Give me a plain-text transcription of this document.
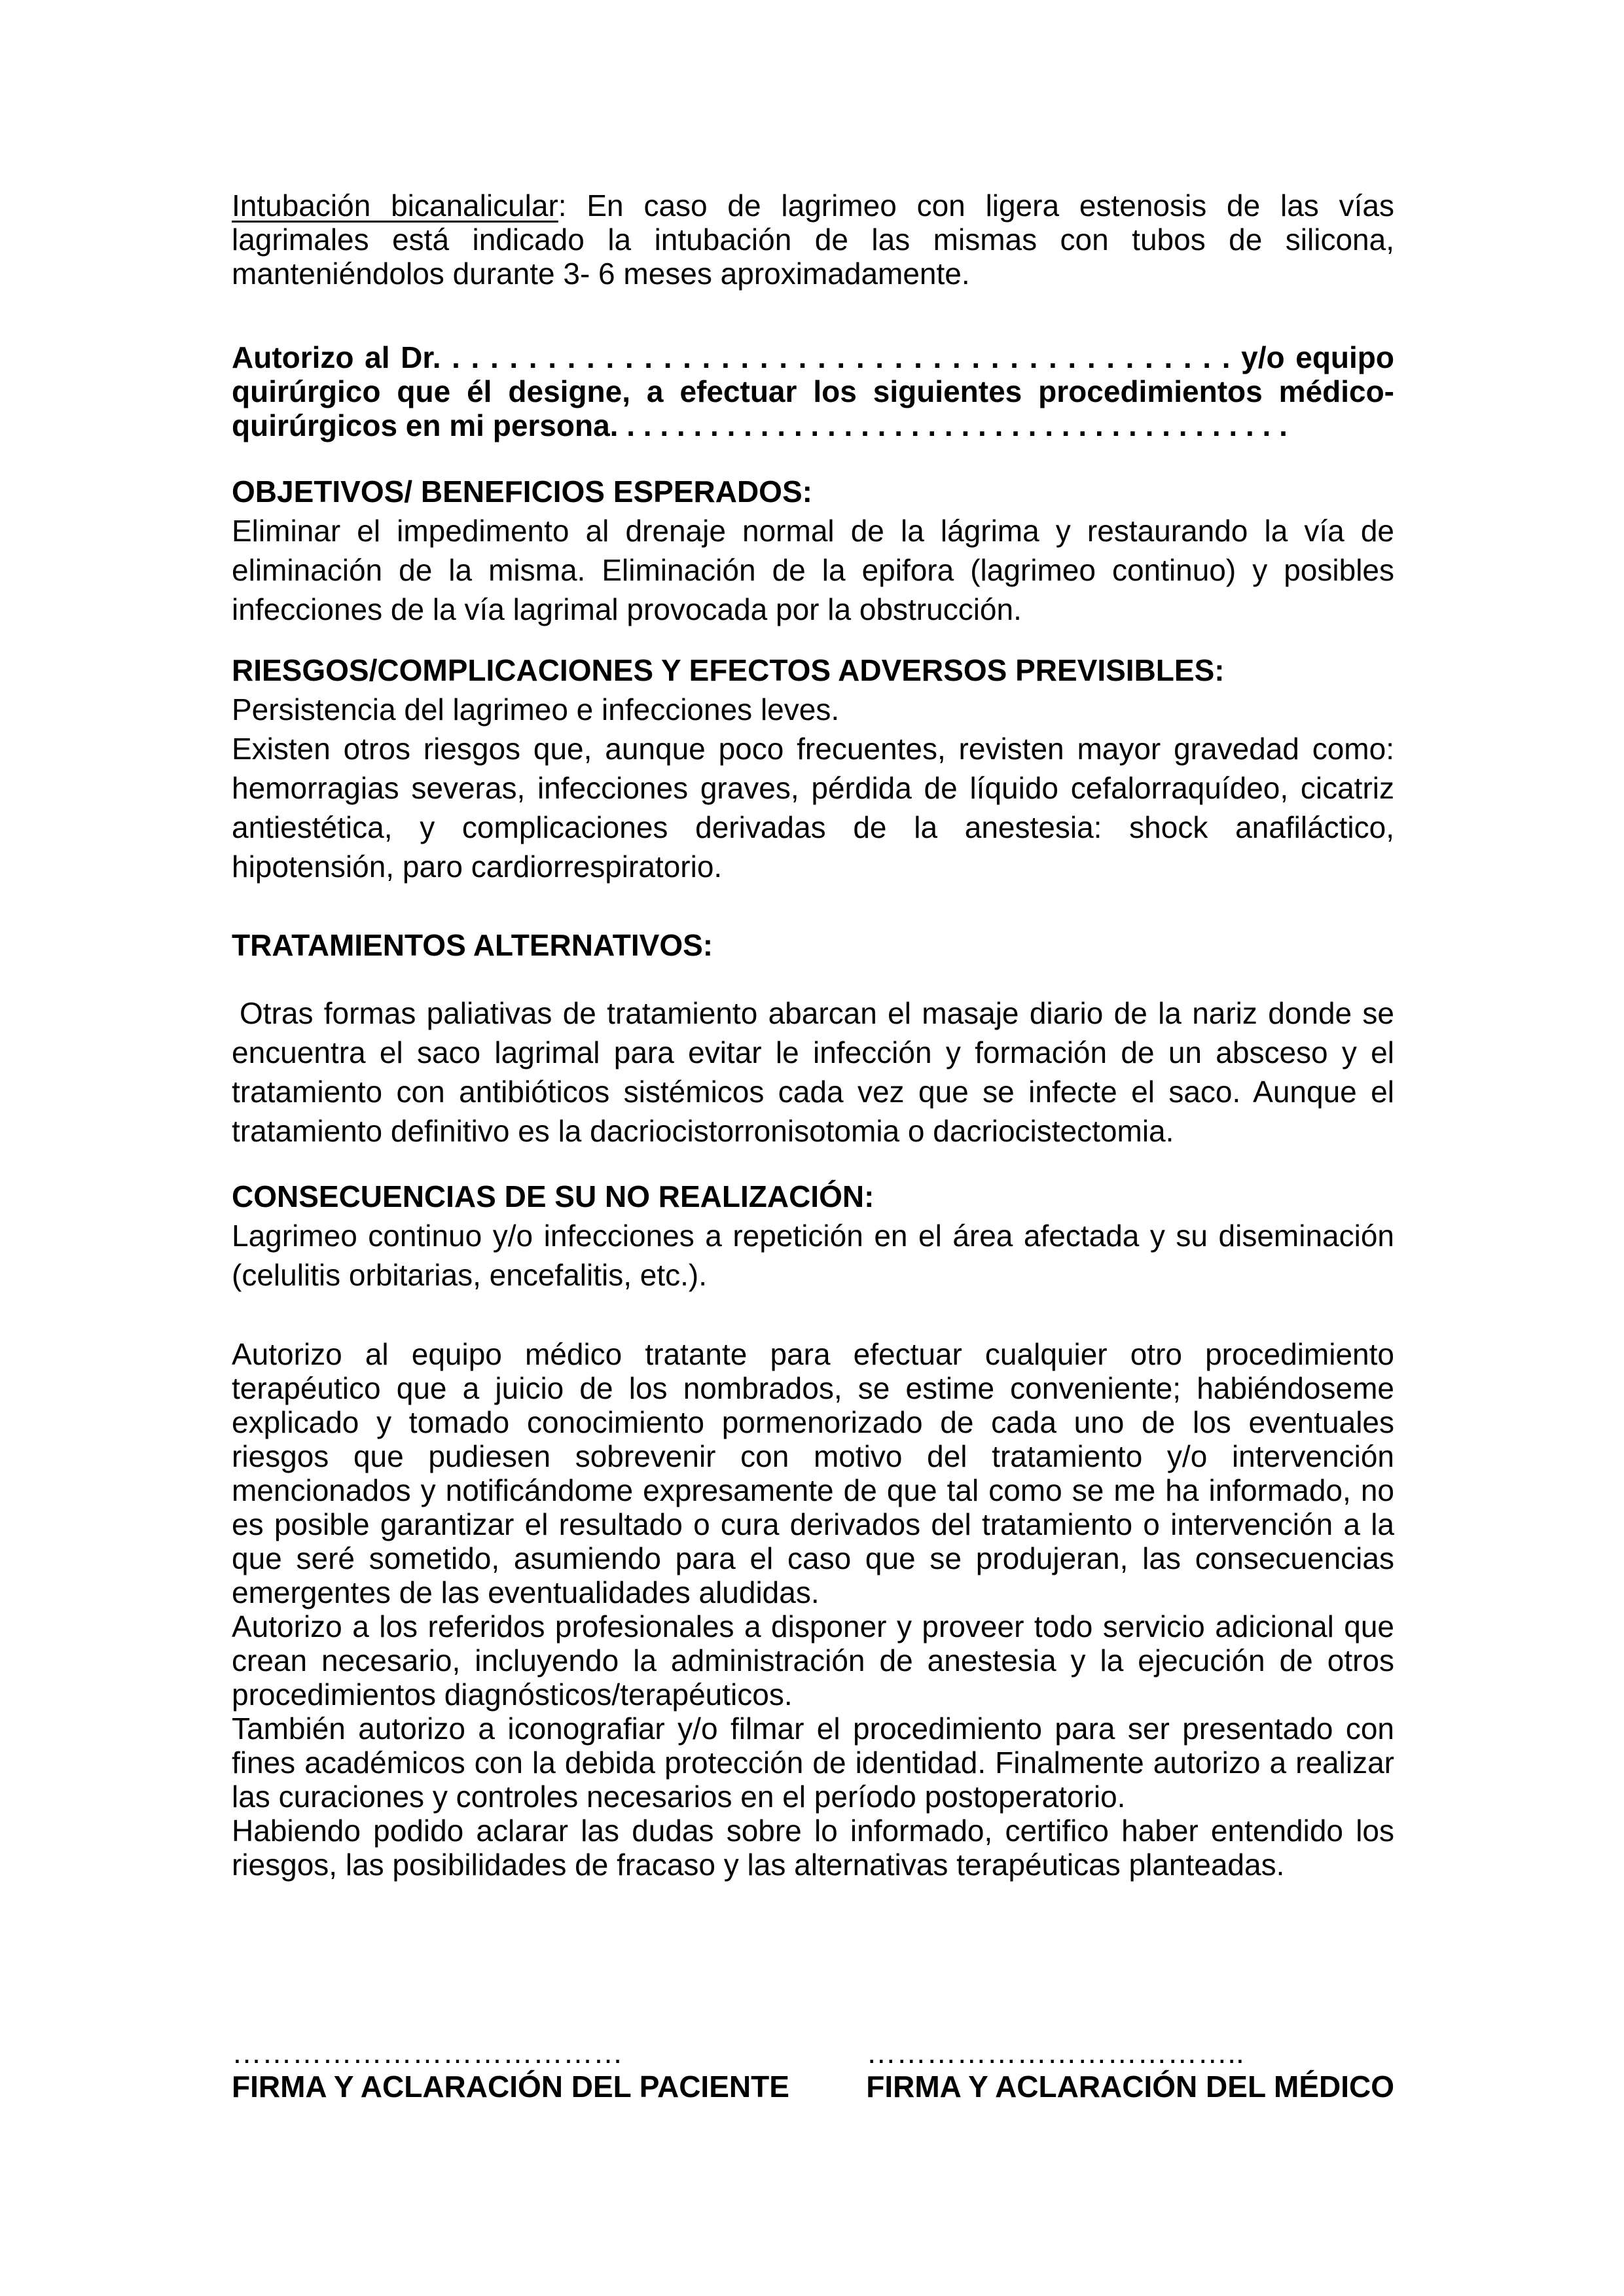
Intubación bicanalicular: En caso de lagrimeo con ligera estenosis de las vías lagrimales está indicado la intubación de las mismas con tubos de silicona, manteniéndolos durante 3- 6 meses aproximadamente.

Autorizo al Dr. . . . . . . . . . . . . . . . . . . . . . . . . . . . . . . . . . . . . . . . . . y/o equipo quirúrgico que él designe, a efectuar los siguientes procedimientos médico-quirúrgicos en mi persona. . . . . . . . . . . . . . . . . . . . . . . . . . . . . . . . . . . . . . . . .

OBJETIVOS/ BENEFICIOS ESPERADOS:

Eliminar el impedimento al drenaje normal de la lágrima y restaurando la vía de eliminación de la misma. Eliminación de la epifora (lagrimeo continuo) y posibles infecciones de la vía lagrimal provocada por la obstrucción.

RIESGOS/COMPLICACIONES Y EFECTOS ADVERSOS PREVISIBLES:

Persistencia del lagrimeo e infecciones leves.

Existen otros riesgos que, aunque poco frecuentes, revisten mayor gravedad como: hemorragias severas, infecciones graves, pérdida de líquido cefalorraquídeo, cicatriz antiestética, y complicaciones derivadas de la anestesia: shock anafiláctico, hipotensión, paro cardiorrespiratorio.

TRATAMIENTOS ALTERNATIVOS:

Otras formas paliativas de tratamiento abarcan el masaje diario de la nariz donde se encuentra el saco lagrimal para evitar le infección y formación de un absceso y el tratamiento con antibióticos sistémicos cada vez que se infecte el saco. Aunque el tratamiento definitivo es la dacriocistorronisotomia o dacriocistectomia.

CONSECUENCIAS DE SU NO REALIZACIÓN:

Lagrimeo continuo y/o infecciones a repetición en el área afectada y su diseminación (celulitis orbitarias, encefalitis, etc.).

Autorizo al equipo médico tratante para efectuar cualquier otro procedimiento terapéutico que a juicio de los nombrados, se estime conveniente; habiéndoseme explicado y tomado conocimiento pormenorizado de cada uno de los eventuales riesgos que pudiesen sobrevenir con motivo del tratamiento y/o intervención mencionados y notificándome expresamente de que tal como se me ha informado, no es posible garantizar el resultado o cura derivados del tratamiento o intervención a la que seré sometido, asumiendo para el caso que se produjeran, las consecuencias emergentes de las eventualidades aludidas.

Autorizo a los referidos profesionales a disponer y proveer todo servicio adicional que crean necesario, incluyendo la administración de anestesia y la ejecución de otros procedimientos diagnósticos/terapéuticos.

También autorizo a iconografiar y/o filmar el procedimiento para ser presentado con fines académicos con la debida protección de identidad. Finalmente autorizo a realizar las curaciones y controles necesarios en el período postoperatorio.

Habiendo podido aclarar las dudas sobre lo informado, certifico haber entendido los riesgos, las posibilidades de fracaso y las alternativas terapéuticas planteadas.

…………………………………
FIRMA Y ACLARACIÓN DEL PACIENTE
………………………………..
FIRMA Y ACLARACIÓN DEL MÉDICO
